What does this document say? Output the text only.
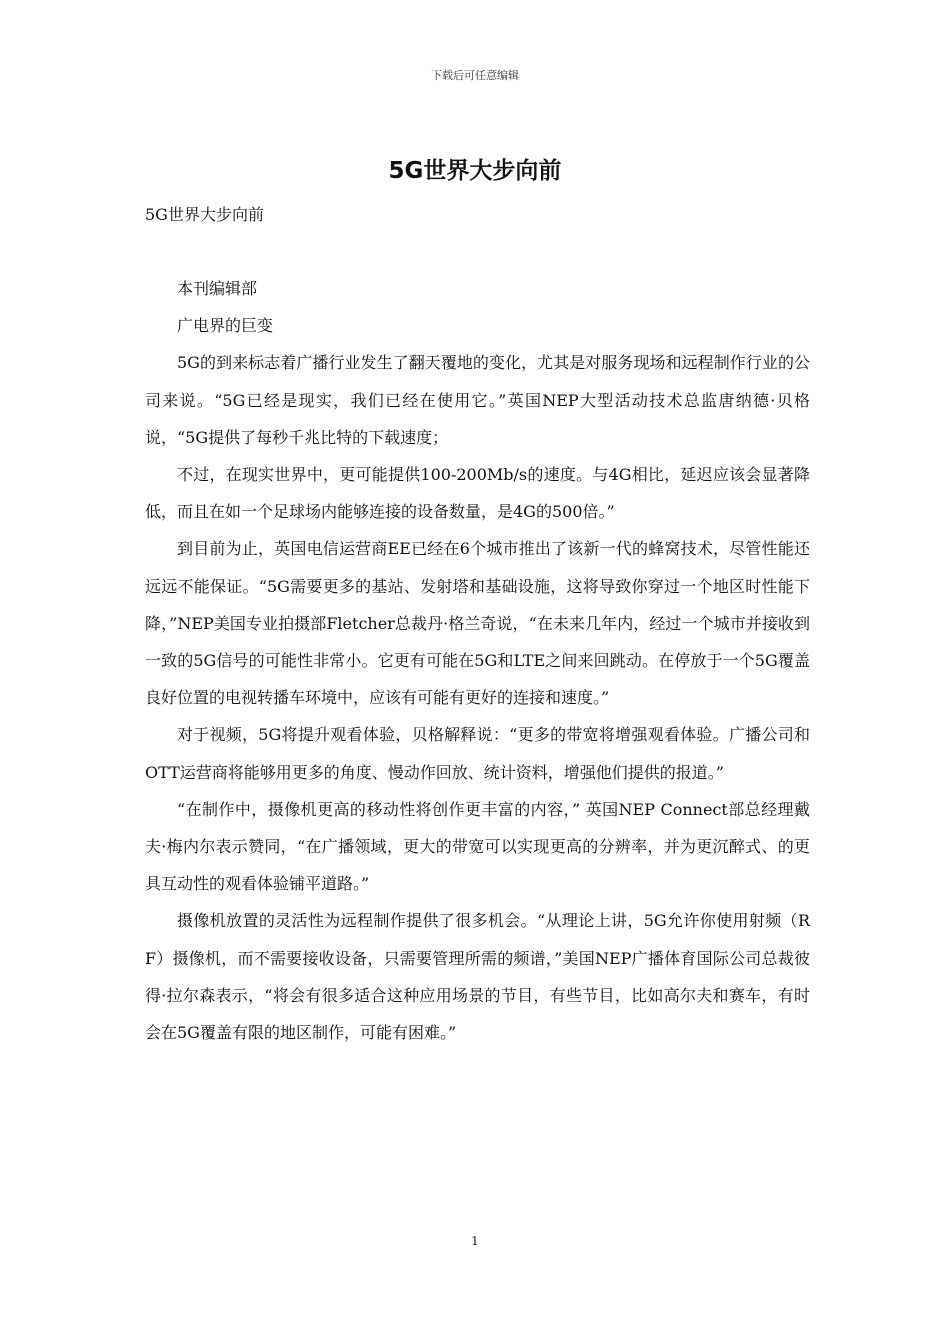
下载后可任意编辑
5G世界大步向前

5G世界大步向前

本刊编辑部

广电界的巨变

5G的到来标志着广播行业发生了翻天覆地的变化，尤其是对服务现场和远程制作行业的公司来说。“5G已经是现实，我们已经在使用它。”英国NEP大型活动技术总监唐纳德·贝格说，“5G提供了每秒千兆比特的下载速度；

不过，在现实世界中，更可能提供100-200Mb/s的速度。与4G相比，延迟应该会显著降低，而且在如一个足球场内能够连接的设备数量，是4G的500倍。”

到目前为止，英国电信运营商EE已经在6个城市推出了该新一代的蜂窝技术，尽管性能还远远不能保证。“5G需要更多的基站、发射塔和基础设施，这将导致你穿过一个地区时性能下降，”NEP美国专业拍摄部Fletcher总裁丹·格兰奇说，“在未来几年内，经过一个城市并接收到一致的5G信号的可能性非常小。它更有可能在5G和LTE之间来回跳动。在停放于一个5G覆盖良好位置的电视转播车环境中，应该有可能有更好的连接和速度。”

对于视频，5G将提升观看体验，贝格解释说：“更多的带宽将增强观看体验。广播公司和OTT运营商将能够用更多的角度、慢动作回放、统计资料，增强他们提供的报道。”

“在制作中，摄像机更高的移动性将创作更丰富的内容，” 英国NEP Connect部总经理戴夫·梅内尔表示赞同，“在广播领域，更大的带宽可以实现更高的分辨率，并为更沉醉式、的更具互动性的观看体验铺平道路。”

摄像机放置的灵活性为远程制作提供了很多机会。“从理论上讲，5G允许你使用射频（RF）摄像机，而不需要接收设备，只需要管理所需的频谱，”美国NEP广播体育国际公司总裁彼得·拉尔森表示，“将会有很多适合这种应用场景的节目，有些节目，比如高尔夫和赛车，有时会在5G覆盖有限的地区制作，可能有困难。”

1
